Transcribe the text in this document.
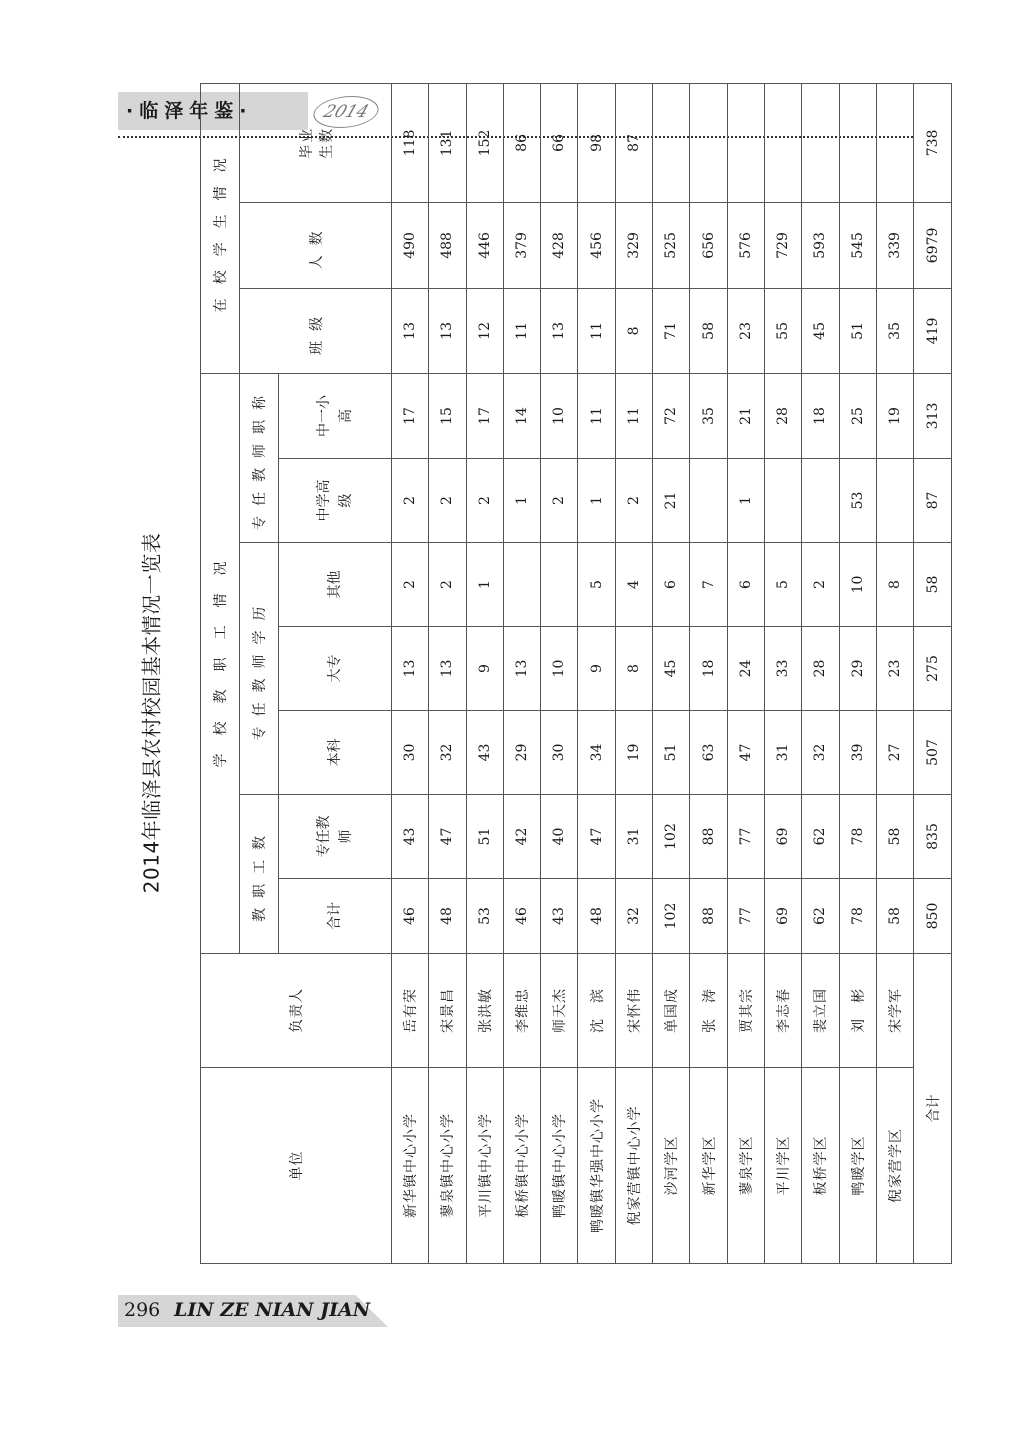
·临泽年鉴·	2014
2014年临泽县农村校园基本情况一览表
单位	负责人	学　校　教　职　工　情　况							在校学生情况		
		教职工数		专任教师学历			专任教师职称		班级	人数	毕业生数
		合计	专任教师	本科	大专	其他	中学高级	中一小高			
新华镇中心小学	岳有荣	46	43	30	13	2	2	17	13	490	118
蓼泉镇中心小学	宋景昌	48	47	32	13	2	2	15	13	488	131
平川镇中心小学	张洪敏	53	51	43	9	1	2	17	12	446	152
板桥镇中心小学	李维忠	46	42	29	13		1	14	11	379	86
鸭暖镇中心小学	师天杰	43	40	30	10		2	10	13	428	66
鸭暖镇华强中心小学	沈　滨	48	47	34	9	5	1	11	11	456	98
倪家营镇中心小学	宋怀伟	32	31	19	8	4	2	11	8	329	87
沙河学区	单国成	102	102	51	45	6	21	72	71	525	
新华学区	张　涛	88	88	63	18	7		35	58	656	
蓼泉学区	贾其宗	77	77	47	24	6	1	21	23	576	
平川学区	李志春	69	69	31	33	5		28	55	729	
板桥学区	裴立国	62	62	32	28	2		18	45	593	
鸭暖学区	刘　彬	78	78	39	29	10	53	25	51	545	
倪家营学区	宋学军	58	58	27	23	8		19	35	339	
合计		850	835	507	275	58	87	313	419	6979	738
296 LIN ZE NIAN JIAN
